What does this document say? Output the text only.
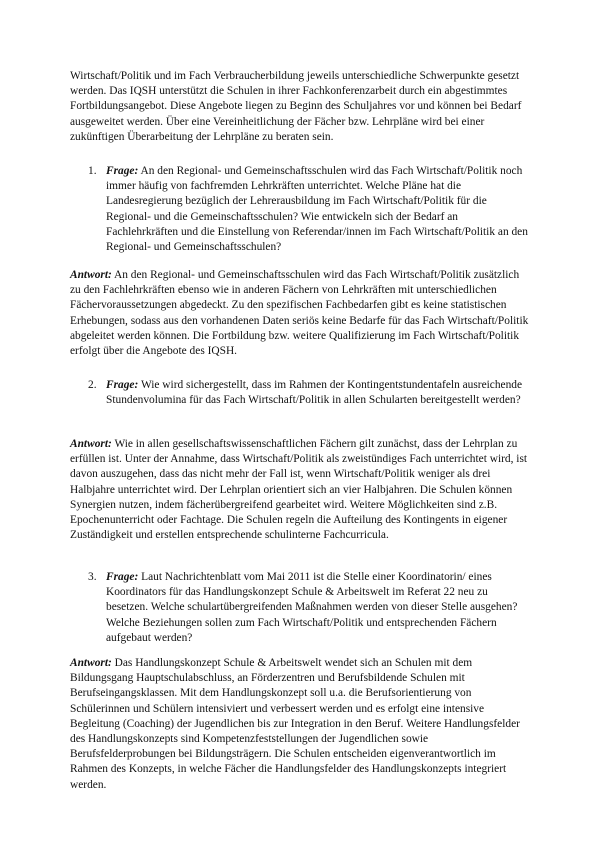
Wirtschaft/Politik und im Fach Verbraucherbildung jeweils unterschiedliche Schwerpunkte gesetzt werden. Das IQSH unterstützt die Schulen in ihrer Fachkonferenzarbeit durch ein abgestimmtes Fortbildungsangebot. Diese Angebote liegen zu Beginn des Schuljahres vor und können bei Bedarf ausgeweitet werden. Über eine Vereinheitlichung der Fächer bzw. Lehrpläne wird bei einer zukünftigen Überarbeitung der Lehrpläne zu beraten sein.

1. Frage: An den Regional- und Gemeinschaftsschulen wird das Fach Wirtschaft/Politik noch immer häufig von fachfremden Lehrkräften unterrichtet. Welche Pläne hat die Landesregierung bezüglich der Lehrerausbildung im Fach Wirtschaft/Politik für die Regional- und die Gemeinschaftsschulen? Wie entwickeln sich der Bedarf an Fachlehrkräften und die Einstellung von Referendar/innen im Fach Wirtschaft/Politik an den Regional- und Gemeinschaftsschulen?

Antwort: An den Regional- und Gemeinschaftsschulen wird das Fach Wirtschaft/Politik zusätzlich zu den Fachlehrkräften ebenso wie in anderen Fächern von Lehrkräften mit unterschiedlichen Fächervoraussetzungen abgedeckt. Zu den spezifischen Fachbedarfen gibt es keine statistischen Erhebungen, sodass aus den vorhandenen Daten seriös keine Bedarfe für das Fach Wirtschaft/Politik abgeleitet werden können. Die Fortbildung bzw. weitere Qualifizierung im Fach Wirtschaft/Politik erfolgt über die Angebote des IQSH.

2. Frage: Wie wird sichergestellt, dass im Rahmen der Kontingentstundentafeln ausreichende Stundenvolumina für das Fach Wirtschaft/Politik in allen Schularten bereitgestellt werden?

Antwort: Wie in allen gesellschaftswissenschaftlichen Fächern gilt zunächst, dass der Lehrplan zu erfüllen ist. Unter der Annahme, dass Wirtschaft/Politik als zweistündiges Fach unterrichtet wird, ist davon auszugehen, dass das nicht mehr der Fall ist, wenn Wirtschaft/Politik weniger als drei Halbjahre unterrichtet wird. Der Lehrplan orientiert sich an vier Halbjahren. Die Schulen können Synergien nutzen, indem fächerübergreifend gearbeitet wird. Weitere Möglichkeiten sind z.B. Epochenunterricht oder Fachtage. Die Schulen regeln die Aufteilung des Kontingents in eigener Zuständigkeit und erstellen entsprechende schulinterne Fachcurricula.

3. Frage: Laut Nachrichtenblatt vom Mai 2011 ist die Stelle einer Koordinatorin/ eines Koordinators für das Handlungskonzept Schule & Arbeitswelt im Referat 22 neu zu besetzen. Welche schulartübergreifenden Maßnahmen werden von dieser Stelle ausgehen? Welche Beziehungen sollen zum Fach Wirtschaft/Politik und entsprechenden Fächern aufgebaut werden?

Antwort: Das Handlungskonzept Schule & Arbeitswelt wendet sich an Schulen mit dem Bildungsgang Hauptschulabschluss, an Förderzentren und Berufsbildende Schulen mit Berufseingangsklassen. Mit dem Handlungskonzept soll u.a. die Berufsorientierung von Schülerinnen und Schülern intensiviert und verbessert werden und es erfolgt eine intensive Begleitung (Coaching) der Jugendlichen bis zur Integration in den Beruf. Weitere Handlungsfelder des Handlungskonzepts sind Kompetenzfeststellungen der Jugendlichen sowie Berufsfelderprobungen bei Bildungsträgern. Die Schulen entscheiden eigenverantwortlich im Rahmen des Konzepts, in welche Fächer die Handlungsfelder des Handlungskonzepts integriert werden.
